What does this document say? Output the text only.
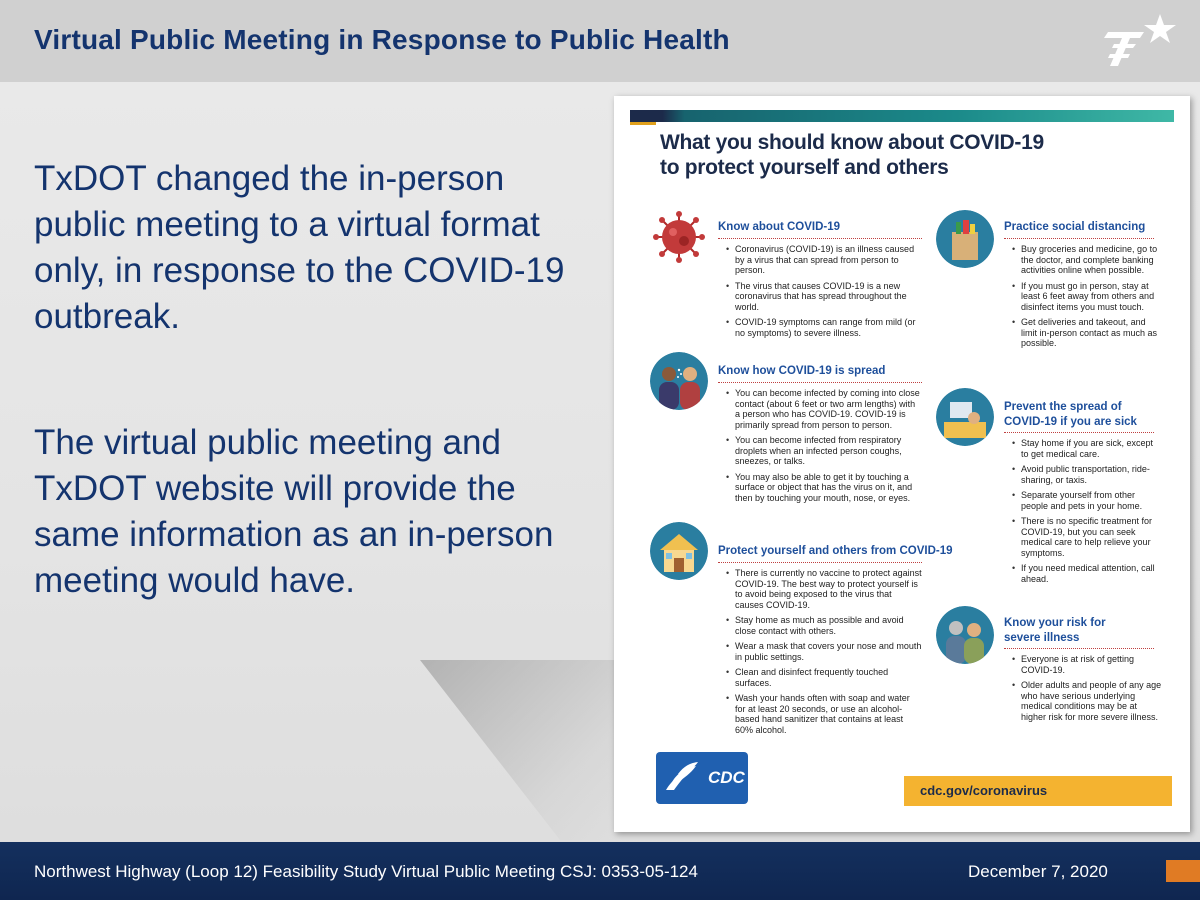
Virtual Public Meeting in Response to Public Health
TxDOT changed the in-person public meeting to a virtual format only, in response to the COVID-19 outbreak.
The virtual public meeting and TxDOT website will provide the same information as an in-person meeting would have.
What you should know about COVID-19
to protect yourself and others
Know about COVID-19
• Coronavirus (COVID-19) is an illness caused by a virus that can spread from person to person.
• The virus that causes COVID-19 is a new coronavirus that has spread throughout the world.
• COVID-19 symptoms can range from mild (or no symptoms) to severe illness.
Know how COVID-19 is spread
• You can become infected by coming into close contact (about 6 feet or two arm lengths) with a person who has COVID-19. COVID-19 is primarily spread from person to person.
• You can become infected from respiratory droplets when an infected person coughs, sneezes, or talks.
• You may also be able to get it by touching a surface or object that has the virus on it, and then by touching your mouth, nose, or eyes.
Protect yourself and others from COVID-19
• There is currently no vaccine to protect against COVID-19. The best way to protect yourself is to avoid being exposed to the virus that causes COVID-19.
• Stay home as much as possible and avoid close contact with others.
• Wear a mask that covers your nose and mouth in public settings.
• Clean and disinfect frequently touched surfaces.
• Wash your hands often with soap and water for at least 20 seconds, or use an alcohol-based hand sanitizer that contains at least 60% alcohol.
Practice social distancing
• Buy groceries and medicine, go to the doctor, and complete banking activities online when possible.
• If you must go in person, stay at least 6 feet away from others and disinfect items you must touch.
• Get deliveries and takeout, and limit in-person contact as much as possible.
Prevent the spread of
COVID-19 if you are sick
• Stay home if you are sick, except to get medical care.
• Avoid public transportation, ride-sharing, or taxis.
• Separate yourself from other people and pets in your home.
• There is no specific treatment for COVID-19, but you can seek medical care to help relieve your symptoms.
• If you need medical attention, call ahead.
Know your risk for
severe illness
• Everyone is at risk of getting COVID-19.
• Older adults and people of any age who have serious underlying medical conditions may be at higher risk for more severe illness.
CDC
cdc.gov/coronavirus
Northwest Highway (Loop 12) Feasibility Study Virtual Public Meeting CSJ: 0353-05-124	December 7, 2020
